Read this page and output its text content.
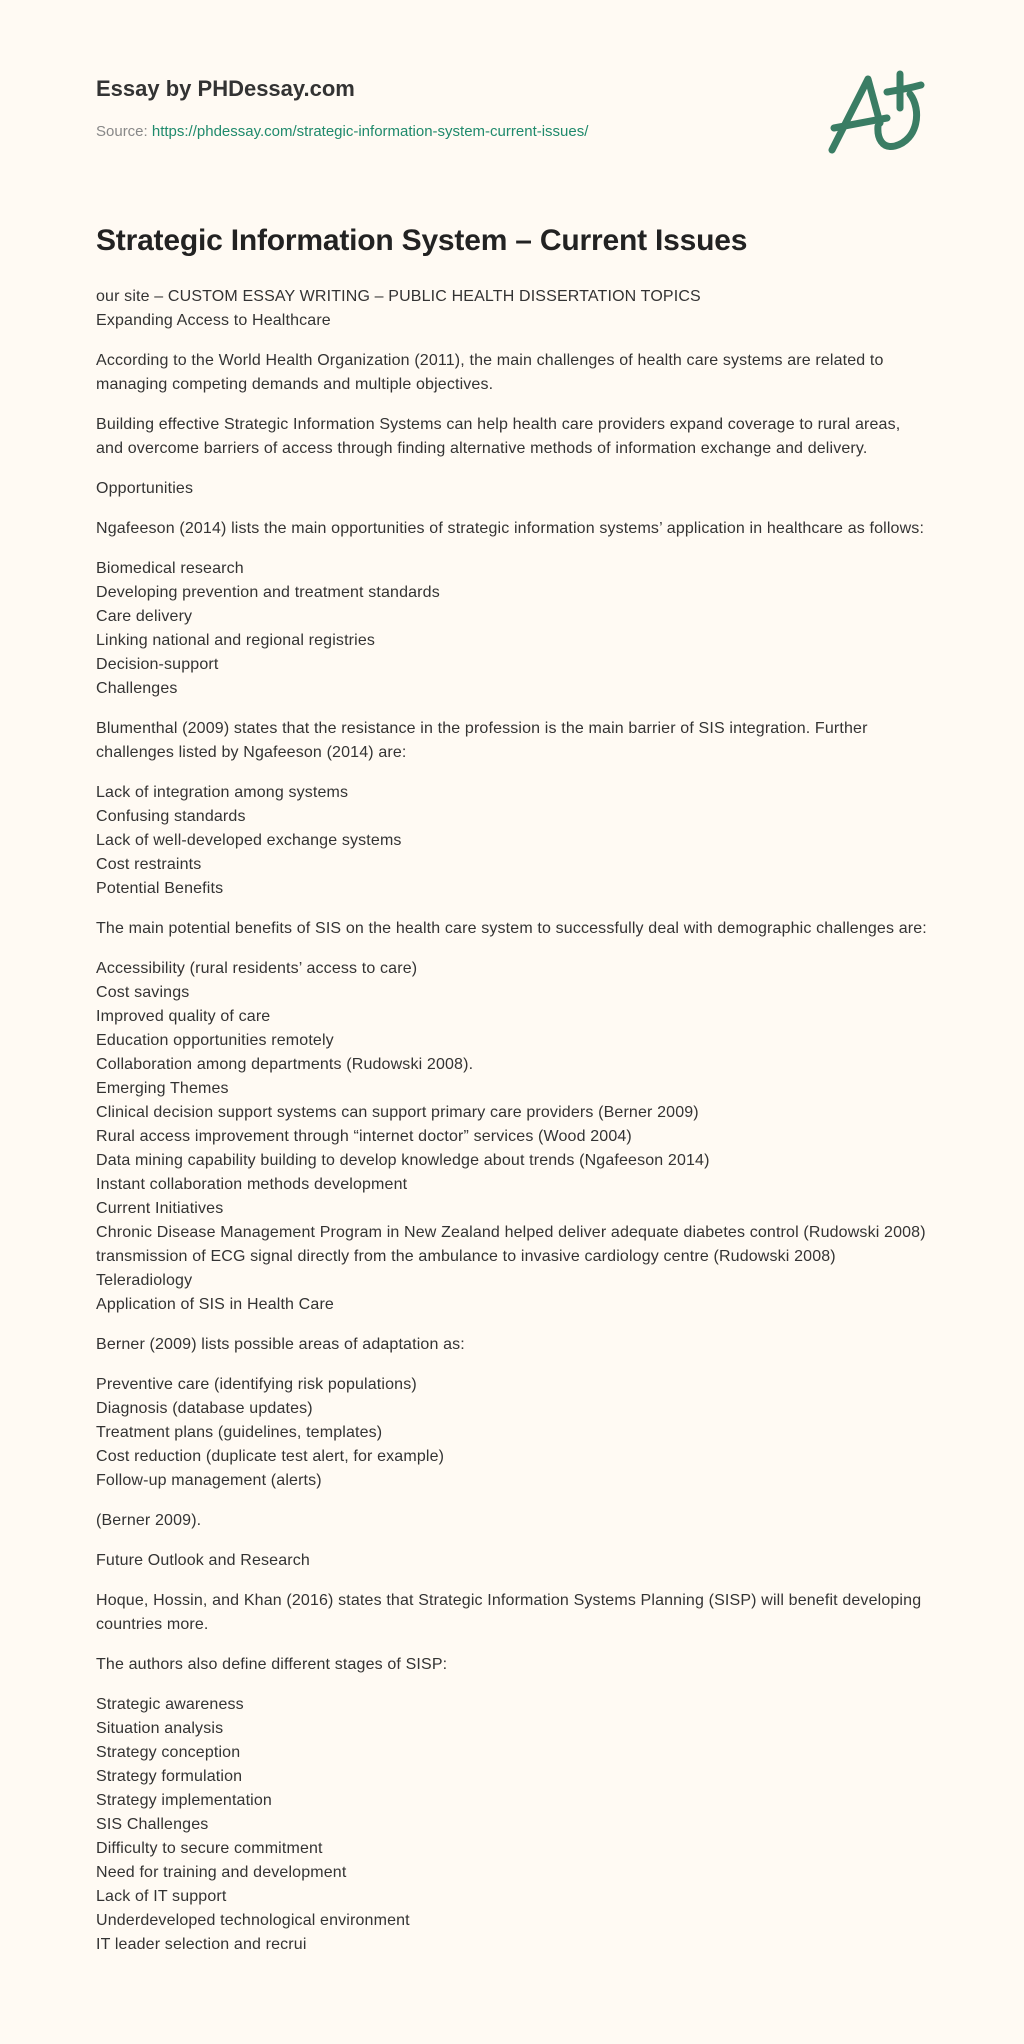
Essay by PHDessay.com
Source: https://phdessay.com/strategic-information-system-current-issues/
Strategic Information System – Current Issues

our site – CUSTOM ESSAY WRITING – PUBLIC HEALTH DISSERTATION TOPICS
Expanding Access to Healthcare

According to the World Health Organization (2011), the main challenges of health care systems are related to managing competing demands and multiple objectives.

Building effective Strategic Information Systems can help health care providers expand coverage to rural areas, and overcome barriers of access through finding alternative methods of information exchange and delivery.

Opportunities

Ngafeeson (2014) lists the main opportunities of strategic information systems’ application in healthcare as follows:

Biomedical research
Developing prevention and treatment standards
Care delivery
Linking national and regional registries
Decision-support
Challenges

Blumenthal (2009) states that the resistance in the profession is the main barrier of SIS integration. Further challenges listed by Ngafeeson (2014) are:

Lack of integration among systems
Confusing standards
Lack of well-developed exchange systems
Cost restraints
Potential Benefits

The main potential benefits of SIS on the health care system to successfully deal with demographic challenges are:

Accessibility (rural residents’ access to care)
Cost savings
Improved quality of care
Education opportunities remotely
Collaboration among departments (Rudowski 2008).
Emerging Themes
Clinical decision support systems can support primary care providers (Berner 2009)
Rural access improvement through “internet doctor” services (Wood 2004)
Data mining capability building to develop knowledge about trends (Ngafeeson 2014)
Instant collaboration methods development
Current Initiatives
Chronic Disease Management Program in New Zealand helped deliver adequate diabetes control (Rudowski 2008)
transmission of ECG signal directly from the ambulance to invasive cardiology centre (Rudowski 2008)
Teleradiology
Application of SIS in Health Care

Berner (2009) lists possible areas of adaptation as:

Preventive care (identifying risk populations)
Diagnosis (database updates)
Treatment plans (guidelines, templates)
Cost reduction (duplicate test alert, for example)
Follow-up management (alerts)

(Berner 2009).

Future Outlook and Research

Hoque, Hossin, and Khan (2016) states that Strategic Information Systems Planning (SISP) will benefit developing countries more.

The authors also define different stages of SISP:

Strategic awareness
Situation analysis
Strategy conception
Strategy formulation
Strategy implementation
SIS Challenges
Difficulty to secure commitment
Need for training and development
Lack of IT support
Underdeveloped technological environment
IT leader selection and recrui
